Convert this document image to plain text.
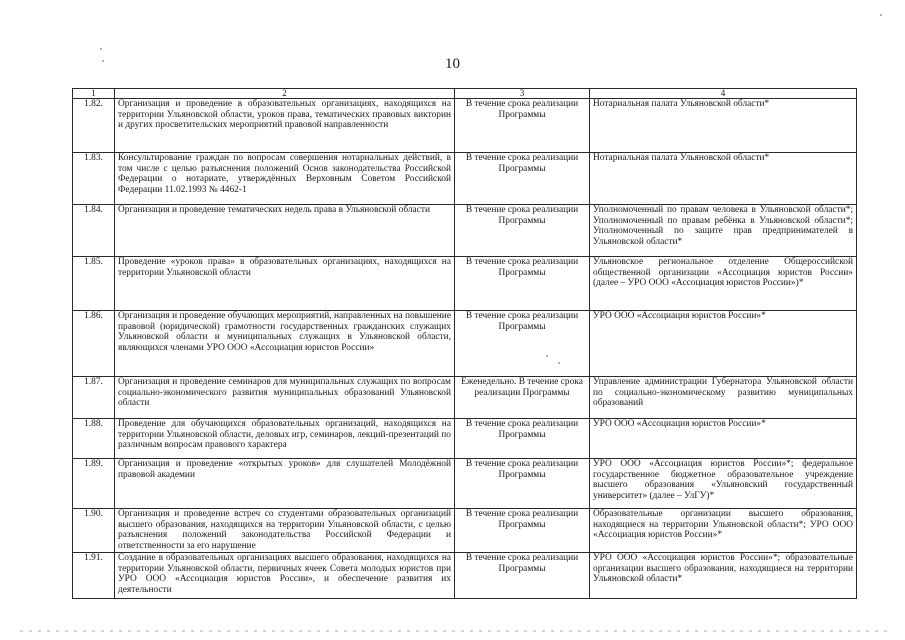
10
1	2	3	4
1.82.	Организация и проведение в образовательных организациях, находящихся на территории Ульяновской области, уроков права, тематических правовых викторин и других просветительских мероприятий правовой направленности	В течение срока реализации Программы	Нотариальная палата Ульяновской области*
1.83.	Консультирование граждан по вопросам совершения нотариальных действий, в том числе с целью разъяснения положений Основ законодательства Российской Федерации о нотариате, утверждённых Верховным Советом Российской Федерации 11.02.1993 № 4462-1	В течение срока реализации Программы	Нотариальная палата Ульяновской области*
1.84.	Организация и проведение тематических недель права в Ульяновской области	В течение срока реализации Программы	Уполномоченный по правам человека в Ульяновской области*; Уполномоченный по правам ребёнка в Ульяновской области*; Уполномоченный по защите прав предпринимателей в Ульяновской области*
1.85.	Проведение «уроков права» в образовательных организациях, находящихся на территории Ульяновской области	В течение срока реализации Программы	Ульяновское региональное отделение Общероссийской общественной организации «Ассоциация юристов России» (далее – УРО ООО «Ассоциация юристов России»)*
1.86.	Организация и проведение обучающих мероприятий, направленных на повышение правовой (юридической) грамотности государственных гражданских служащих Ульяновской области и муниципальных служащих в Ульяновской области, являющихся членами УРО ООО «Ассоциация юристов России»	В течение срока реализации Программы	УРО ООО «Ассоциация юристов России»*
1.87.	Организация и проведение семинаров для муниципальных служащих по вопросам социально-экономического развития муниципальных образований Ульяновской области	Еженедельно. В течение срока реализации Программы	Управление администрации Губернатора Ульяновской области по социально-экономическому развитию муниципальных образований
1.88.	Проведение для обучающихся образовательных организаций, находящихся на территории Ульяновской области, деловых игр, семинаров, лекций-презентаций по различным вопросам правового характера	В течение срока реализации Программы	УРО ООО «Ассоциация юристов России»*
1.89.	Организация и проведение «открытых уроков» для слушателей Молодёжной правовой академии	В течение срока реализации Программы	УРО ООО «Ассоциация юристов России»*; федеральное государственное бюджетное образовательное учреждение высшего образования «Ульяновский государственный университет» (далее – УлГУ)*
1.90.	Организация и проведение встреч со студентами образовательных организаций высшего образования, находящихся на территории Ульяновской области, с целью разъяснения положений законодательства Российской Федерации и ответственности за его нарушение	В течение срока реализации Программы	Образовательные организации высшего образования, находящиеся на территории Ульяновской области*; УРО ООО «Ассоциация юристов России»*
1.91.	Создание в образовательных организациях высшего образования, находящихся на территории Ульяновской области, первичных ячеек Совета молодых юристов при УРО ООО «Ассоциация юристов России», и обеспечение развития их деятельности	В течение срока реализации Программы	УРО ООО «Ассоциация юристов России»*; образовательные организации высшего образования, находящиеся на территории Ульяновской области*
